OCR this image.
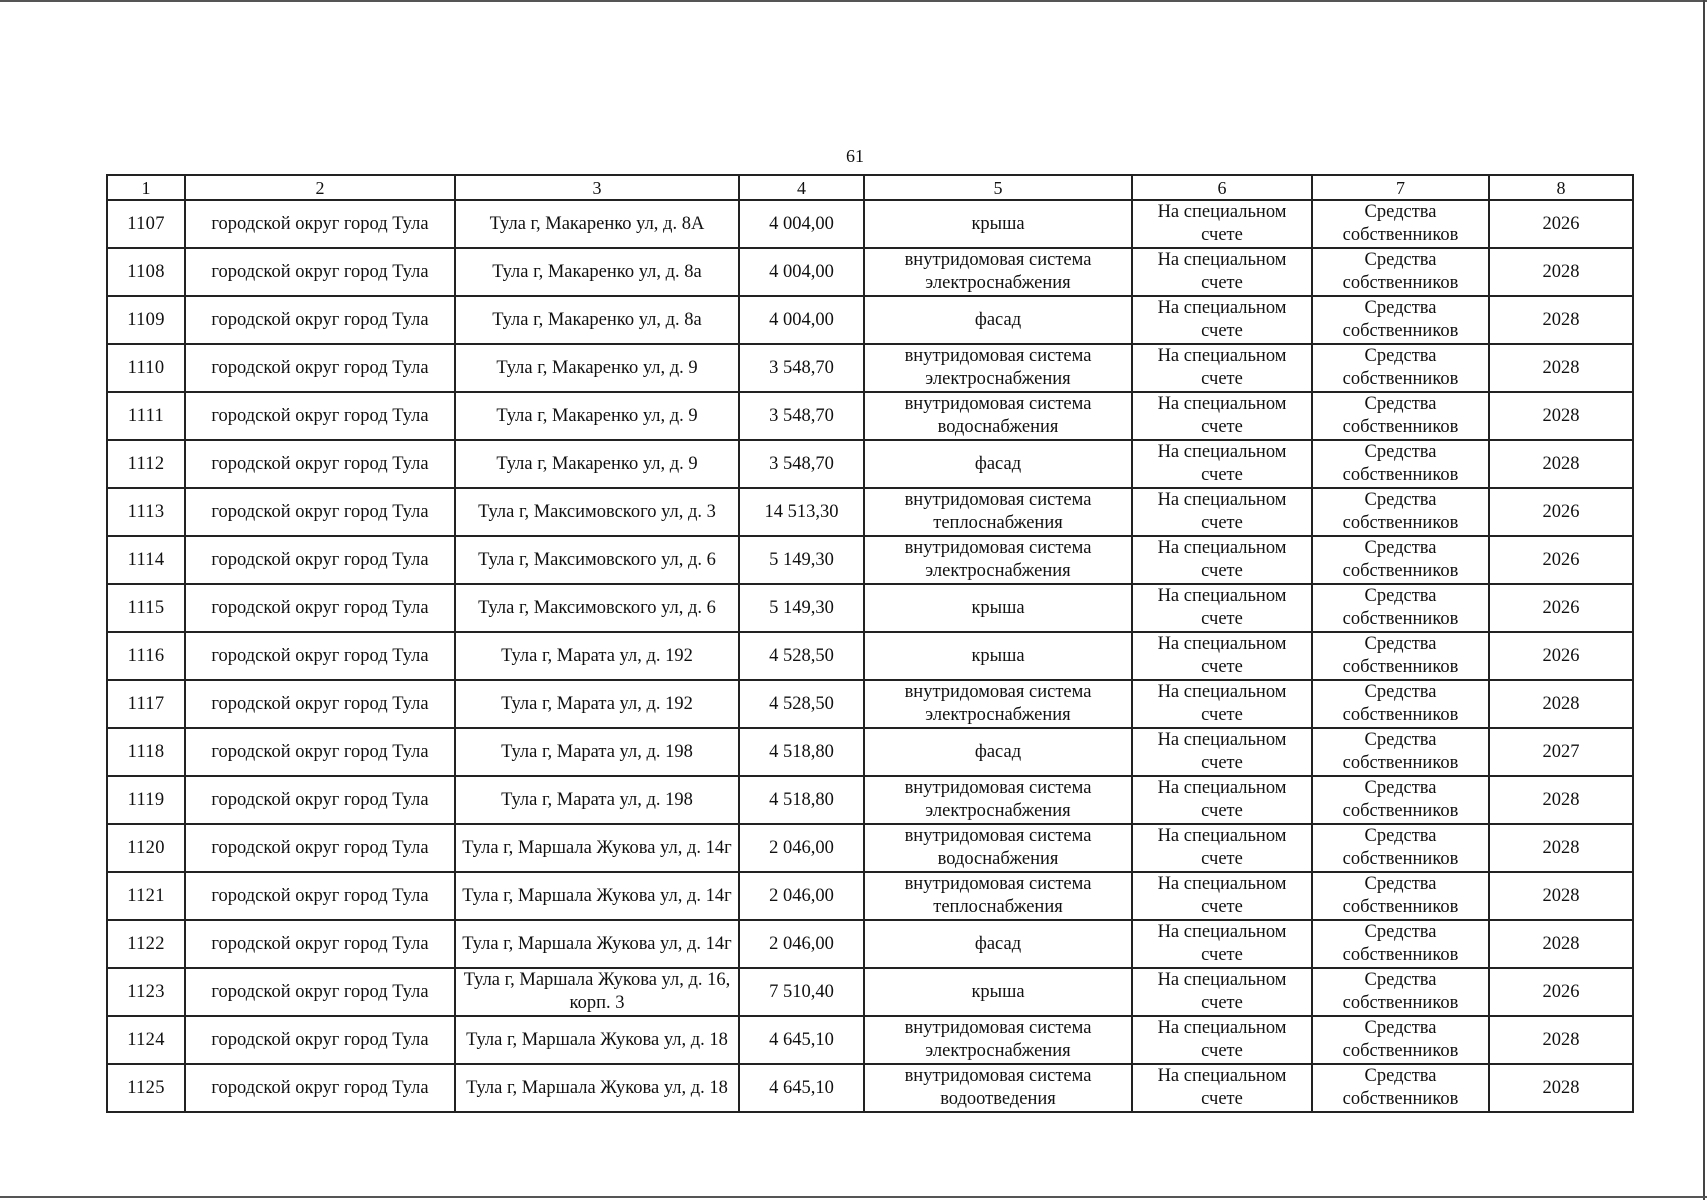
61
1	2	3	4	5	6	7	8
1107	городской округ город Тула	Тула г, Макаренко ул, д. 8А	4 004,00	крыша	На специальном счете	Средства собственников	2026
1108	городской округ город Тула	Тула г, Макаренко ул, д. 8а	4 004,00	внутридомовая система электроснабжения	На специальном счете	Средства собственников	2028
1109	городской округ город Тула	Тула г, Макаренко ул, д. 8а	4 004,00	фасад	На специальном счете	Средства собственников	2028
1110	городской округ город Тула	Тула г, Макаренко ул, д. 9	3 548,70	внутридомовая система электроснабжения	На специальном счете	Средства собственников	2028
1111	городской округ город Тула	Тула г, Макаренко ул, д. 9	3 548,70	внутридомовая система водоснабжения	На специальном счете	Средства собственников	2028
1112	городской округ город Тула	Тула г, Макаренко ул, д. 9	3 548,70	фасад	На специальном счете	Средства собственников	2028
1113	городской округ город Тула	Тула г, Максимовского ул, д. 3	14 513,30	внутридомовая система теплоснабжения	На специальном счете	Средства собственников	2026
1114	городской округ город Тула	Тула г, Максимовского ул, д. 6	5 149,30	внутридомовая система электроснабжения	На специальном счете	Средства собственников	2026
1115	городской округ город Тула	Тула г, Максимовского ул, д. 6	5 149,30	крыша	На специальном счете	Средства собственников	2026
1116	городской округ город Тула	Тула г, Марата ул, д. 192	4 528,50	крыша	На специальном счете	Средства собственников	2026
1117	городской округ город Тула	Тула г, Марата ул, д. 192	4 528,50	внутридомовая система электроснабжения	На специальном счете	Средства собственников	2028
1118	городской округ город Тула	Тула г, Марата ул, д. 198	4 518,80	фасад	На специальном счете	Средства собственников	2027
1119	городской округ город Тула	Тула г, Марата ул, д. 198	4 518,80	внутридомовая система электроснабжения	На специальном счете	Средства собственников	2028
1120	городской округ город Тула	Тула г, Маршала Жукова ул, д. 14г	2 046,00	внутридомовая система водоснабжения	На специальном счете	Средства собственников	2028
1121	городской округ город Тула	Тула г, Маршала Жукова ул, д. 14г	2 046,00	внутридомовая система теплоснабжения	На специальном счете	Средства собственников	2028
1122	городской округ город Тула	Тула г, Маршала Жукова ул, д. 14г	2 046,00	фасад	На специальном счете	Средства собственников	2028
1123	городской округ город Тула	Тула г, Маршала Жукова ул, д. 16, корп. 3	7 510,40	крыша	На специальном счете	Средства собственников	2026
1124	городской округ город Тула	Тула г, Маршала Жукова ул, д. 18	4 645,10	внутридомовая система электроснабжения	На специальном счете	Средства собственников	2028
1125	городской округ город Тула	Тула г, Маршала Жукова ул, д. 18	4 645,10	внутридомовая система водоотведения	На специальном счете	Средства собственников	2028
